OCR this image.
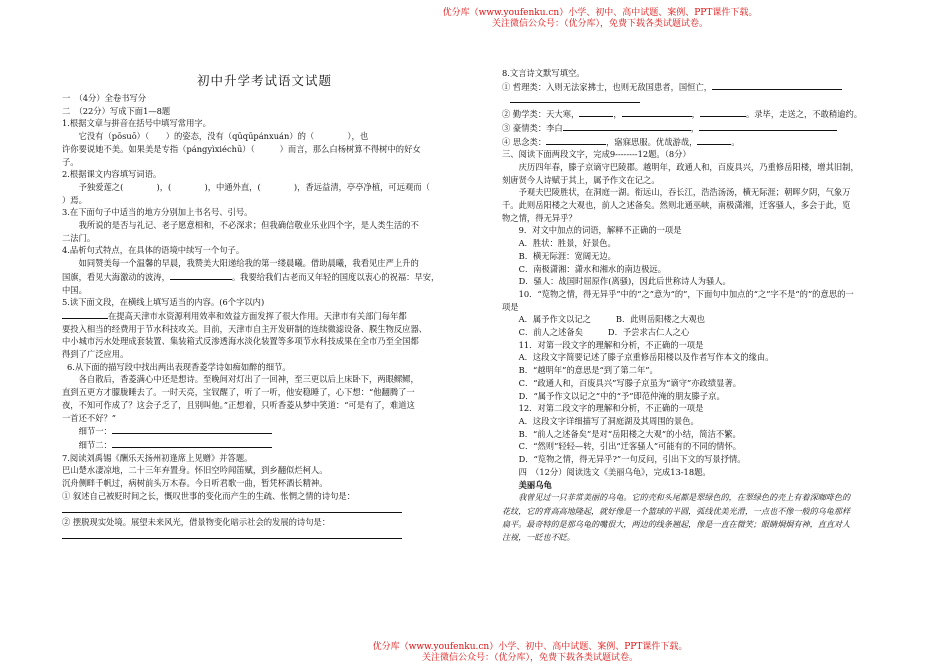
优分库（www.youfenku.cn）小学、初中、高中试题、案例、PPT课件下载。
关注微信公众号：（优分库），免费下载各类试题试卷。
初中升学考试语文试题

一　（4分）全卷书写分

二　（22分）写成下面1—8题

1.根据文章与拼音在括号中填写常用字。

它没有（pōsuō）（　　）的姿态，没有（qūqūpánxuán）的（　　　　），也

许你要说她不美。如果美是专指（pángyìxiéchū）（　　　）而言，那么白杨树算不得树中的好女

子。

2.根据课文内容填写词语。

予独爱莲之(　　　　)，(　　　　)，中通外直，(　　　　)，香远益清，亭亭净植，可远观而（

）焉。

3.在下面句子中适当的地方分别加上书名号、引号。

我所说的是否与礼记、老子愿意相和，不必深求；但我确信敬业乐业四个字，是人类生活的不

二法门。

4.品析句式特点，在具体的语境中续写一个句子。

如同赞美每一个温馨的早晨，我赞美大阳递给我的第一缕晨曦。借助晨曦，我看见庄严上升的

国旗，看见大海激动的波涛，	。我要给我们古老而又年轻的国度以衷心的祝福：早安，

中国。

5.读下面文段，在横线上填写适当的内容。(6个字以内)

在提高天津市水资源利用效率和效益方面发挥了很大作用。天津市有关部门每年都

要投入相当的经费用于节水科技攻关。目前，天津市自主开发研制的连续微滤设备、膜生物反应器、

中小城市污水处理成套装置、集装箱式反渗透海水淡化装置等多项节水科技成果在全市乃至全国都

得到了广泛应用。

6.从下面的描写段中找出两出表现香菱学诗如痴如醉的细节。

各自散后，香菱满心中还是想诗。至晚间对灯出了一回神，至三更以后上床卧下，两眼鳏鳏，

直到五更方才朦胧睡去了。一时天亮，宝钗醒了，听了一听，他安稳睡了，心下想：“他翻腾了一

夜，不知可作成了？这会子乏了，且别叫他。”正想着，只听香菱从梦中笑道：“可是有了，难道这

一首还不好？”

细节一：

细节二：

7.阅读刘禹锡《酬乐天扬州初逢席上见赠》并答题。

巴山楚水凄凉地，二十三年弃置身。怀旧空吟闻笛赋，到乡翻似烂柯人。

沉舟侧畔千帆过，病树前头万木春。今日听君歌一曲，暂凭杯酒长精神。

① 叙述自己被贬时间之长，慨叹世事的变化而产生的生疏、怅惘之情的诗句是：

② 摆脱现实处境。展望未来风光，借景物变化暗示社会的发展的诗句是：

8.文言诗文默写填空。

① 哲理类：入则无法家拂士，也则无敌国患者，国恒亡，

② 勤学类：天大寒，	，	，	。录毕，走送之，不敢稍逾约。

③ 豪情类：李白	，

④ 思念类：	，寤寐思服。优哉游哉，	。

三、阅读下面两段文字，完成9--------12题。（8分）

庆历四年春，滕子京谪守巴陵郡。越明年，政通人和，百废具兴，乃重修岳阳楼，增其旧制，

刻唐贤今人诗赋于其上，属予作文在记之。

予观夫巴陵胜状，在洞庭一湖。衔远山，吞长江，浩浩汤汤，横无际涯；朝晖夕阴，气象万

千。此则岳阳楼之大观也，前人之述备矣。然则北通巫峡，南极潇湘，迁客骚人，多会于此，览

物之情，得无异乎？

9．对文中加点的词语，解释不正确的一项是

A．胜状：胜景，好景色。

B．横无际涯：宽阔无边。

C．南极潇湘：潇水和湘水的南边极远。

D．骚人：战国时屈原作(离骚)，因此后世称诗人为骚人。

10．“览物之情，得无异乎”中的“之”意为“的”，下面句中加点的“之”字不是“的”的意思的一

项是

A．属予作文以记之　　　B．此则岳阳楼之大观也

C．前人之述备矣　　　D．予尝求古仁人之心

11．对第一段文字的理解和分析，不正确的一项是

A．这段文字简要记述了滕子京重修岳阳楼以及作者写作本文的缘由。

B．“越明年”的意思是“到了第二年”。

C．“政通人和，百废具兴”写滕子京虽为“谪守”亦政绩显著。

D．“属予作文以记之”中的“予”即范仲淹的朋友滕子京。

12．对第二段文字的理解和分析，不正确的一项是

A．这段文字详细描写了洞庭湖及其周围的景色。

B．“前人之述备矣”是对“岳阳楼之大观”的小结，简洁不繁。

C．“然则”轻轻—转，引出“迁客骚人”可能有的不同的情怀。

D．“览物之情，得无异乎?”一句反问，引出下文的写景抒情。

四　（12分）阅读选文《美丽乌龟》，完成13-18题。

美丽乌龟

我曾见过一只非常美丽的乌龟。它的壳和头尾都是翠绿色的，在翠绿色的壳上有着深咖啡色的

花纹，它的背高高地隆起，就好像是一个篮球的半圆，弧线优美光滑，一点也不像一般的乌龟那样

扁平。最奇特的是那乌龟的嘴很大，两边的线条翘起，像是一直在微笑；眼睛炯炯有神，直直对人

注视，一眨也不眨。

优分库（www.youfenku.cn）小学、初中、高中试题、案例、PPT课件下载。
关注微信公众号：（优分库），免费下载各类试题试卷。
